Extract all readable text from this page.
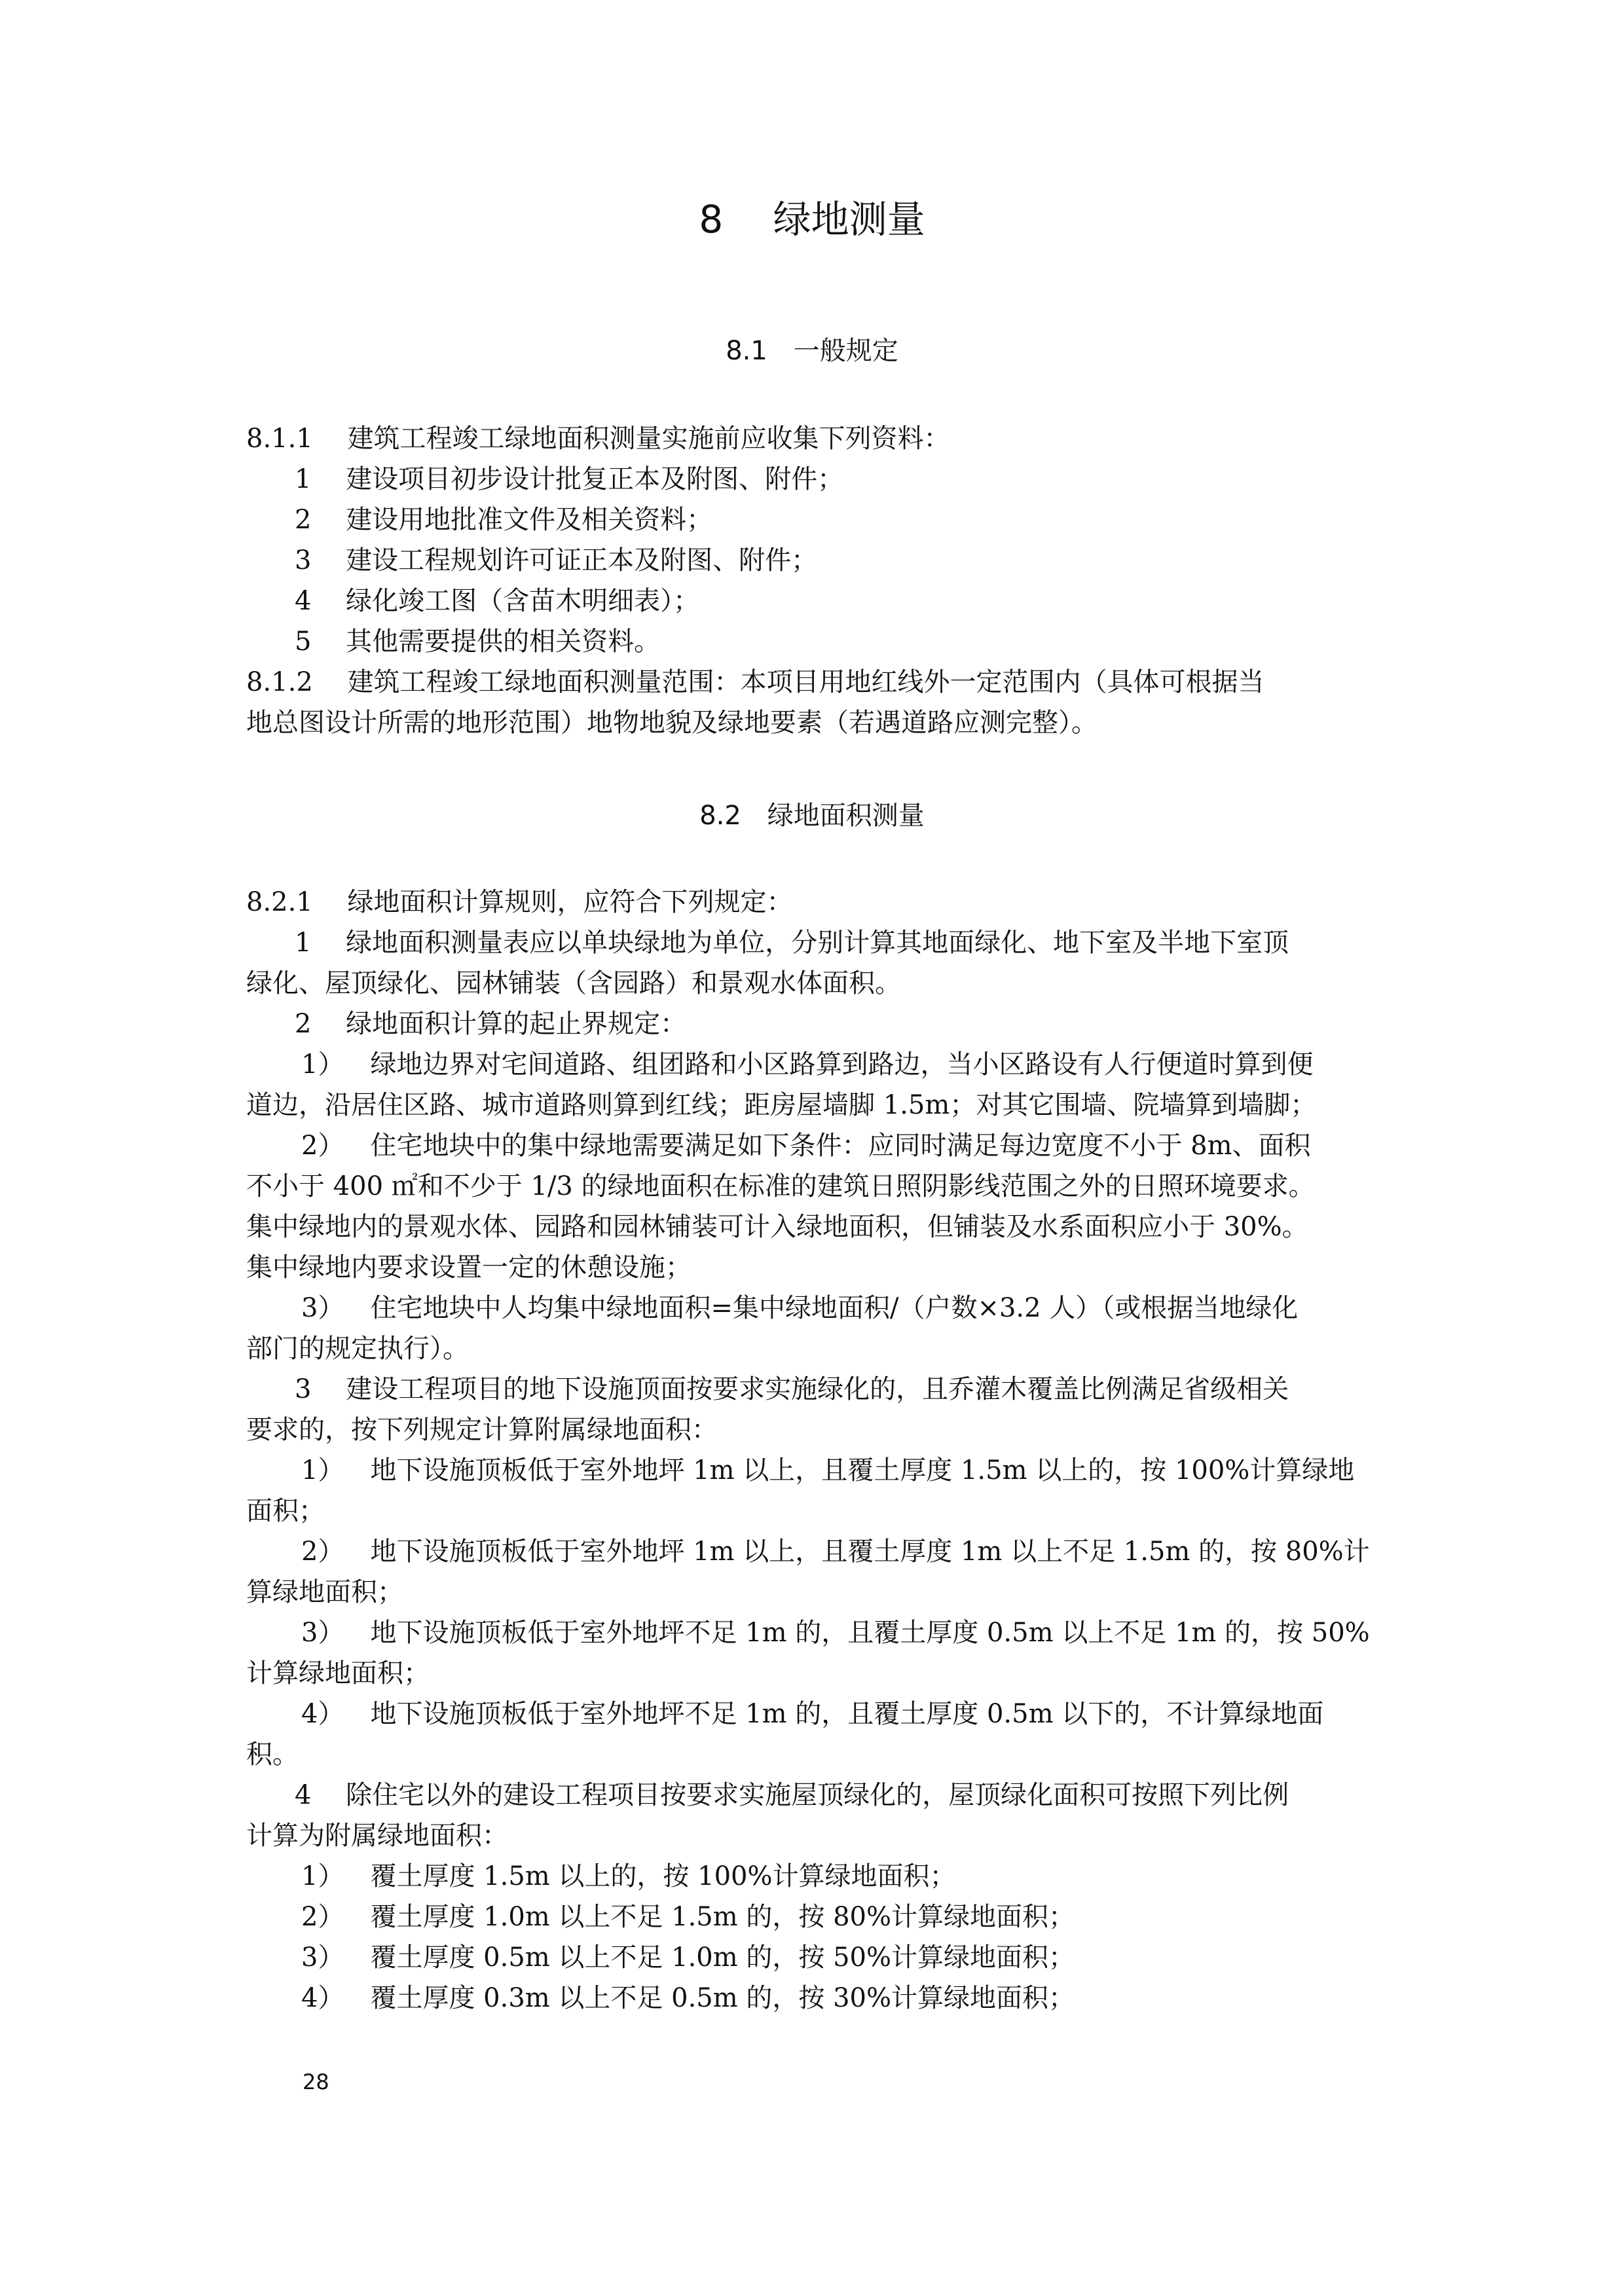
8  绿地测量
8.1 一般规定
8.1.1  建筑工程竣工绿地面积测量实施前应收集下列资料：
1  建设项目初步设计批复正本及附图、附件；
2  建设用地批准文件及相关资料；
3  建设工程规划许可证正本及附图、附件；
4  绿化竣工图（含苗木明细表）；
5  其他需要提供的相关资料。
8.1.2  建筑工程竣工绿地面积测量范围：本项目用地红线外一定范围内（具体可根据当
地总图设计所需的地形范围）地物地貌及绿地要素（若遇道路应测完整）。
8.2 绿地面积测量
8.2.1  绿地面积计算规则，应符合下列规定：
1  绿地面积测量表应以单块绿地为单位，分别计算其地面绿化、地下室及半地下室顶
绿化、屋顶绿化、园林铺装（含园路）和景观水体面积。
2  绿地面积计算的起止界规定：
1） 绿地边界对宅间道路、组团路和小区路算到路边，当小区路设有人行便道时算到便
道边，沿居住区路、城市道路则算到红线；距房屋墙脚 1.5m；对其它围墙、院墙算到墙脚；
2） 住宅地块中的集中绿地需要满足如下条件：应同时满足每边宽度不小于 8m、面积
不小于 400 ㎡和不少于 1/3 的绿地面积在标准的建筑日照阴影线范围之外的日照环境要求。
集中绿地内的景观水体、园路和园林铺装可计入绿地面积，但铺装及水系面积应小于 30%。
集中绿地内要求设置一定的休憩设施；
3） 住宅地块中人均集中绿地面积=集中绿地面积/（户数×3.2 人）（或根据当地绿化
部门的规定执行）。
3  建设工程项目的地下设施顶面按要求实施绿化的，且乔灌木覆盖比例满足省级相关
要求的，按下列规定计算附属绿地面积：
1） 地下设施顶板低于室外地坪 1m 以上，且覆土厚度 1.5m 以上的，按 100%计算绿地
面积；
2） 地下设施顶板低于室外地坪 1m 以上，且覆土厚度 1m 以上不足 1.5m 的，按 80%计
算绿地面积；
3） 地下设施顶板低于室外地坪不足 1m 的，且覆土厚度 0.5m 以上不足 1m 的，按 50%
计算绿地面积；
4） 地下设施顶板低于室外地坪不足 1m 的，且覆土厚度 0.5m 以下的，不计算绿地面
积。
4  除住宅以外的建设工程项目按要求实施屋顶绿化的，屋顶绿化面积可按照下列比例
计算为附属绿地面积：
1） 覆土厚度 1.5m 以上的，按 100%计算绿地面积；
2） 覆土厚度 1.0m 以上不足 1.5m 的，按 80%计算绿地面积；
3） 覆土厚度 0.5m 以上不足 1.0m 的，按 50%计算绿地面积；
4） 覆土厚度 0.3m 以上不足 0.5m 的，按 30%计算绿地面积；
28
